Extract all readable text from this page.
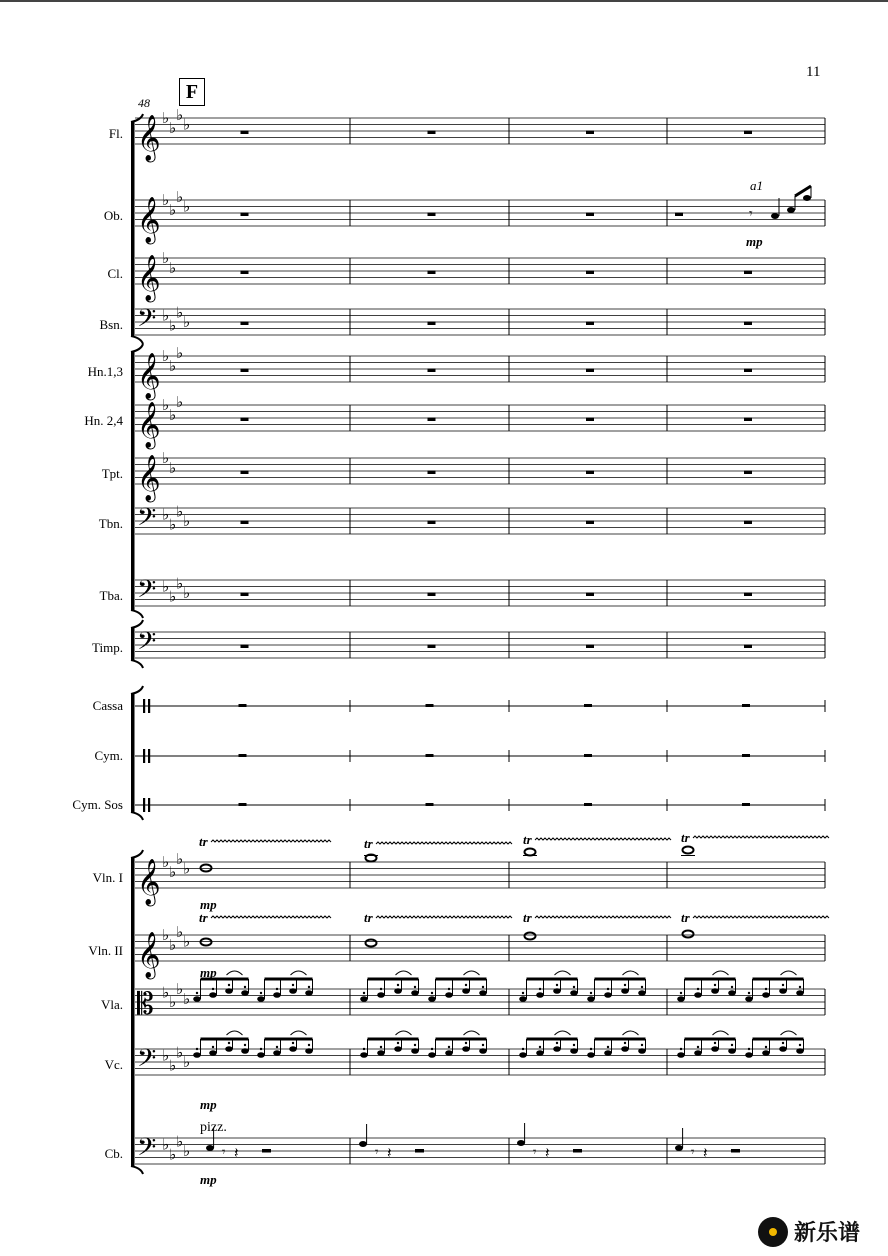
11
48	F
𝄞 ♭
♭
♭
♭
𝄞 ♭
♭
♭
♭
𝄞 ♭
♭
𝄢 ♭
♭
♭
♭
𝄞 ♭
♭
♭
𝄞 ♭
♭
♭
𝄞 ♭
♭
𝄢 ♭
♭
♭
♭
𝄢 ♭
♭
♭
♭
𝄢
𝄞 ♭
♭
♭
♭
𝄞 ♭
♭
♭
♭
𝄡 ♭
♭
♭
♭
𝄢 ♭
♭
♭
♭
𝄢 ♭
♭
♭
♭
𝄾
𝄾 𝄽	𝄾 𝄽	𝄾 𝄽	𝄾 𝄽
Fl.
Ob.
Cl.
Bsn.
Hn.1,3
Hn. 2,4
Tpt.
Tbn.
Tba.
Timp.
Cassa
Cym.
Cym. Sos
Vln. I
Vln. II
Vla.
Vc.
Cb.
tr	tr	tr	tr
tr	tr	tr	tr
a1
mp
mp
mp
mp
mp
pizz.
新乐谱
